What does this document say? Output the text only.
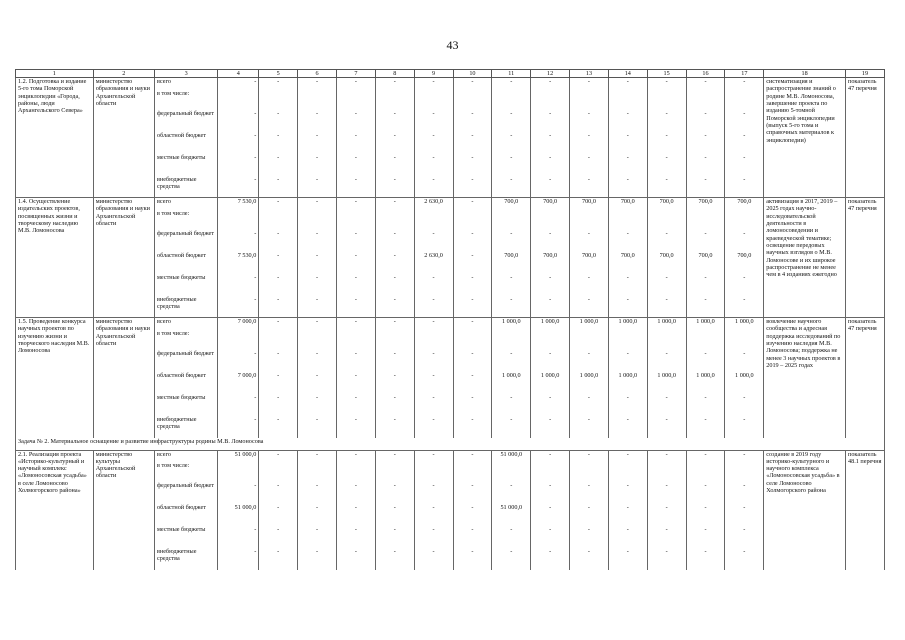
43
1	2	3	4	5	6	7	8	9	10	11	12	13	14	15	16	17	18	19
1.2. Подготовка и издание 5-го тома Поморской энциклопедии «Города, районы, люди Архангельского Севера»	министерство образования и науки Архангельской области	всего	-	-	-	-	-	-	-	-	-	-	-	-	-	-	систематизация и распространение знаний о родине М.В. Ломоносова, завершение проекта по изданию 5-томной Поморской энциклопедии (выпуск 5-го тома и справочных материалов к энциклопедии)	показатель 47 перечня
		в том числе:																
		федеральный бюджет	-	-	-	-	-	-	-	-	-	-	-	-	-	-		
		областной бюджет	-	-	-	-	-	-	-	-	-	-	-	-	-	-		
		местные бюджеты	-	-	-	-	-	-	-	-	-	-	-	-	-	-		
		внебюджетные средства	-	-	-	-	-	-	-	-	-	-	-	-	-	-		

1.4. Осуществление издательских проектов, посвященных жизни и творческому наследию М.В. Ломоносова	министерство образования и науки Архангельской области	всего	7 530,0	-	-	-	-	2 630,0	-	700,0	700,0	700,0	700,0	700,0	700,0	700,0	активизация в 2017, 2019 – 2025 годах научно-исследовательской деятельности в ломоносоведении и краеведческой тематике; освещение передовых научных взглядов о М.В. Ломоносове и их широкое распространение не менее чем в 4 изданиях ежегодно	показатель 47 перечня
		в том числе:																
		федеральный бюджет	-	-	-	-	-	-	-	-	-	-	-	-	-	-		
		областной бюджет	7 530,0	-	-	-	-	2 630,0	-	700,0	700,0	700,0	700,0	700,0	700,0	700,0		
		местные бюджеты	-	-	-	-	-	-	-	-	-	-	-	-	-	-		
		внебюджетные средства	-	-	-	-	-	-	-	-	-	-	-	-	-	-		

1.5. Проведение конкурса научных проектов по изучению жизни и творческого наследия М.В. Ломоносова	министерство образования и науки Архангельской области	всего	7 000,0	-	-	-	-	-	-	1 000,0	1 000,0	1 000,0	1 000,0	1 000,0	1 000,0	1 000,0	вовлечение научного сообщества и адресная поддержка исследований по изучению наследия М.В. Ломоносова; поддержка не менее 3 научных проектов в 2019 – 2025 годах	показатель 47 перечня
		в том числе:																
		федеральный бюджет	-	-	-	-	-	-	-	-	-	-	-	-	-	-		
		областной бюджет	7 000,0	-	-	-	-	-	-	1 000,0	1 000,0	1 000,0	1 000,0	1 000,0	1 000,0	1 000,0		
		местные бюджеты	-	-	-	-	-	-	-	-	-	-	-	-	-	-		
		внебюджетные средства	-	-	-	-	-	-	-	-	-	-	-	-	-	-		
Задача № 2. Материальное оснащение и развитие инфраструктуры родины М.В. Ломоносова																		
2.1. Реализация проекта «Историко-культурный и научный комплекс «Ломоносовская усадьба» в селе Ломоносово Холмогорского района»	министерство культуры Архангельской области	всего	51 000,0	-	-	-	-	-	-	51 000,0	-	-	-	-	-	-	создание в 2019 году историко-культурного и научного комплекса «Ломоносовская усадьба» в селе Ломоносово Холмогорского района	показатель 48.1 перечня
		в том числе:																
		федеральный бюджет	-	-	-	-	-	-	-	-	-	-	-	-	-	-		
		областной бюджет	51 000,0	-	-	-	-	-	-	51 000,0	-	-	-	-	-	-		
		местные бюджеты	-	-	-	-	-	-	-	-	-	-	-	-	-	-		
		внебюджетные средства	-	-	-	-	-	-	-	-	-	-	-	-	-	-		
